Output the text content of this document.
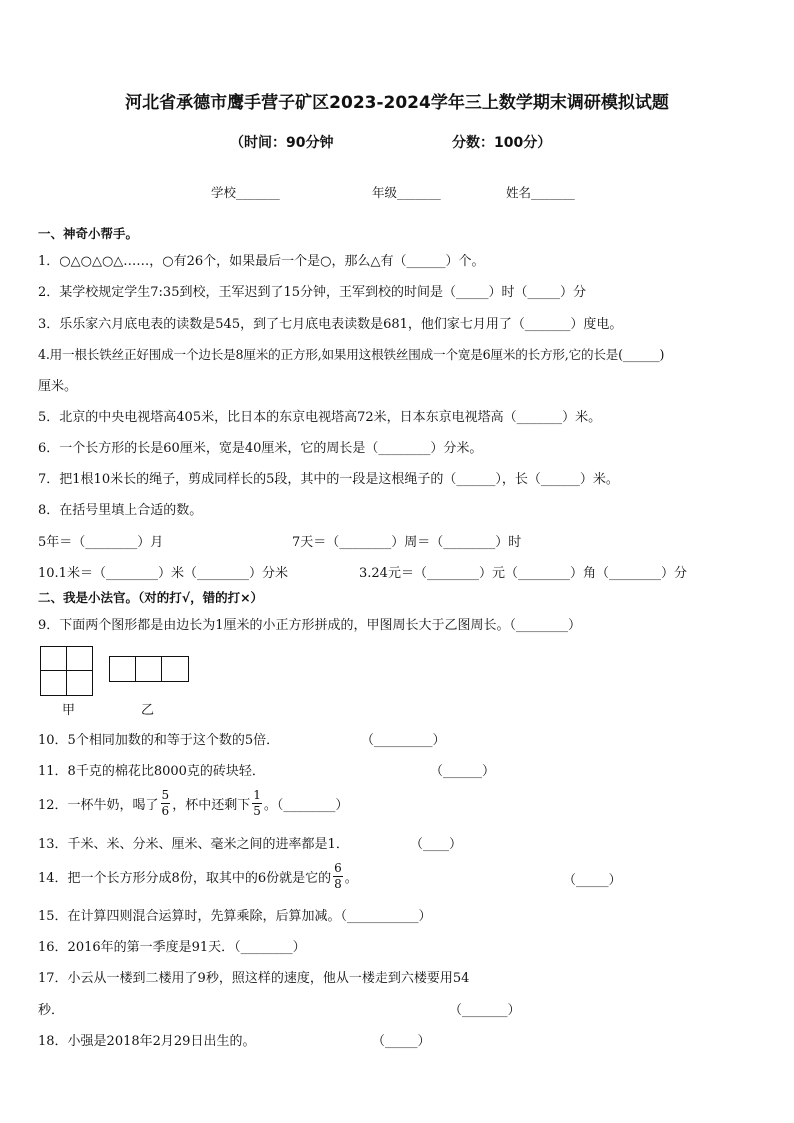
河北省承德市鹰手营子矿区2023-2024学年三上数学期末调研模拟试题
（时间：90分钟	分数：100分）
学校_______	年级_______	姓名_______
一、神奇小帮手。
1．○△○△○△……，○有26个，如果最后一个是○，那么△有（______）个。
2．某学校规定学生7:35到校，王军迟到了15分钟，王军到校的时间是（_____）时（_____）分
3．乐乐家六月底电表的读数是545，到了七月底电表读数是681，他们家七月用了（_______）度电。
4.用一根长铁丝正好围成一个边长是8厘米的正方形,如果用这根铁丝围成一个宽是6厘米的长方形,它的长是(______)
厘米。
5．北京的中央电视塔高405米，比日本的东京电视塔高72米，日本东京电视塔高（_______）米。
6．一个长方形的长是60厘米，宽是40厘米，它的周长是（________）分米。
7．把1根10米长的绳子，剪成同样长的5段，其中的一段是这根绳子的（______），长（______）米。
8．在括号里填上合适的数。
5年＝（________）月	7天＝（________）周＝（________）时
10.1米＝（________）米（________）分米	3.24元＝（________）元（________）角（________）分
二、我是小法官。（对的打√，错的打×）
9．下面两个图形都是由边长为1厘米的小正方形拼成的，甲图周长大于乙图周长。（________）
甲	乙
10．5个相同加数的和等于这个数的5倍．	（_________）
11．8千克的棉花比8000克的砖块轻．	（______）
12．一杯牛奶，喝了 $\frac{5}{6}$ ，杯中还剩下 $\frac{1}{5}$ 。（________）
13．千米、米、分米、厘米、毫米之间的进率都是1．	（____）
14．把一个长方形分成8份，取其中的6份就是它的 $\frac{6}{8}$ 。	（_____）
15．在计算四则混合运算时，先算乘除，后算加减。（___________）
16．2016年的第一季度是91天．（________）
17．小云从一楼到二楼用了9秒，照这样的速度，他从一楼走到六楼要用54
秒．	（_______）
18．小强是2018年2月29日出生的。	（_____）
